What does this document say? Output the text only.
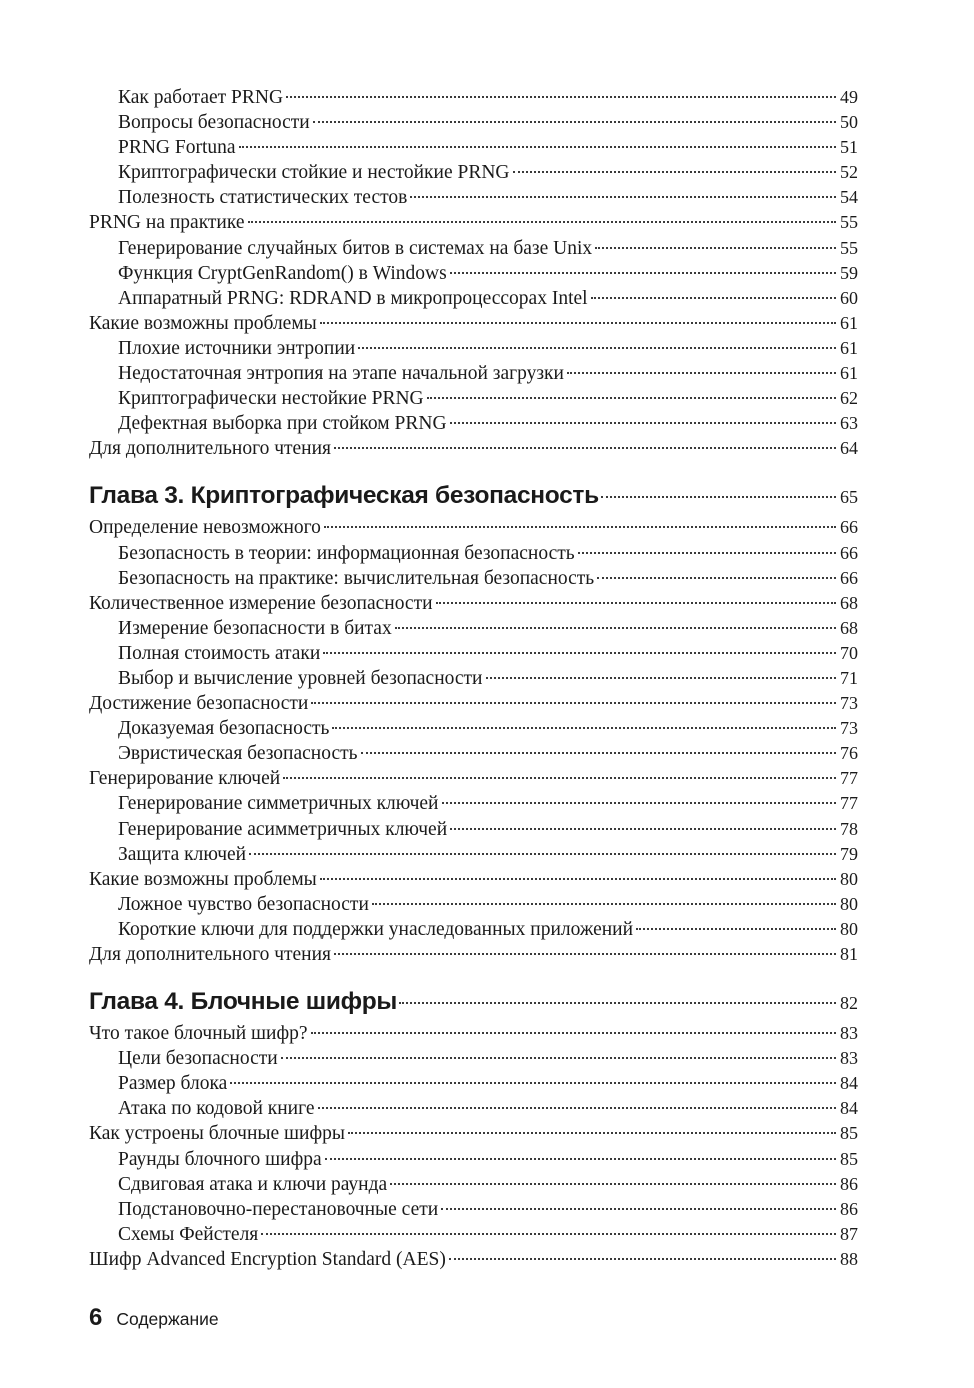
Как работает PRNG	49
Вопросы безопасности	50
PRNG Fortuna	51
Криптографически стойкие и нестойкие PRNG	52
Полезность статистических тестов	54
PRNG на практике	55
Генерирование случайных битов в системах на базе Unix	55
Функция CryptGenRandom() в Windows	59
Аппаратный PRNG: RDRAND в микропроцессорах Intel	60
Какие возможны проблемы	61
Плохие источники энтропии	61
Недостаточная энтропия на этапе начальной загрузки	61
Криптографически нестойкие PRNG	62
Дефектная выборка при стойком PRNG	63
Для дополнительного чтения	64
Глава 3. Криптографическая безопасность	65
Определение невозможного	66
Безопасность в теории: информационная безопасность	66
Безопасность на практике: вычислительная безопасность	66
Количественное измерение безопасности	68
Измерение безопасности в битах	68
Полная стоимость атаки	70
Выбор и вычисление уровней безопасности	71
Достижение безопасности	73
Доказуемая безопасность	73
Эвристическая безопасность	76
Генерирование ключей	77
Генерирование симметричных ключей	77
Генерирование асимметричных ключей	78
Защита ключей	79
Какие возможны проблемы	80
Ложное чувство безопасности	80
Короткие ключи для поддержки унаследованных приложений	80
Для дополнительного чтения	81
Глава 4. Блочные шифры	82
Что такое блочный шифр?	83
Цели безопасности	83
Размер блока	84
Атака по кодовой книге	84
Как устроены блочные шифры	85
Раунды блочного шифра	85
Сдвиговая атака и ключи раунда	86
Подстановочно-перестановочные сети	86
Схемы Фейстеля	87
Шифр Advanced Encryption Standard (AES)	88
6 Содержание
